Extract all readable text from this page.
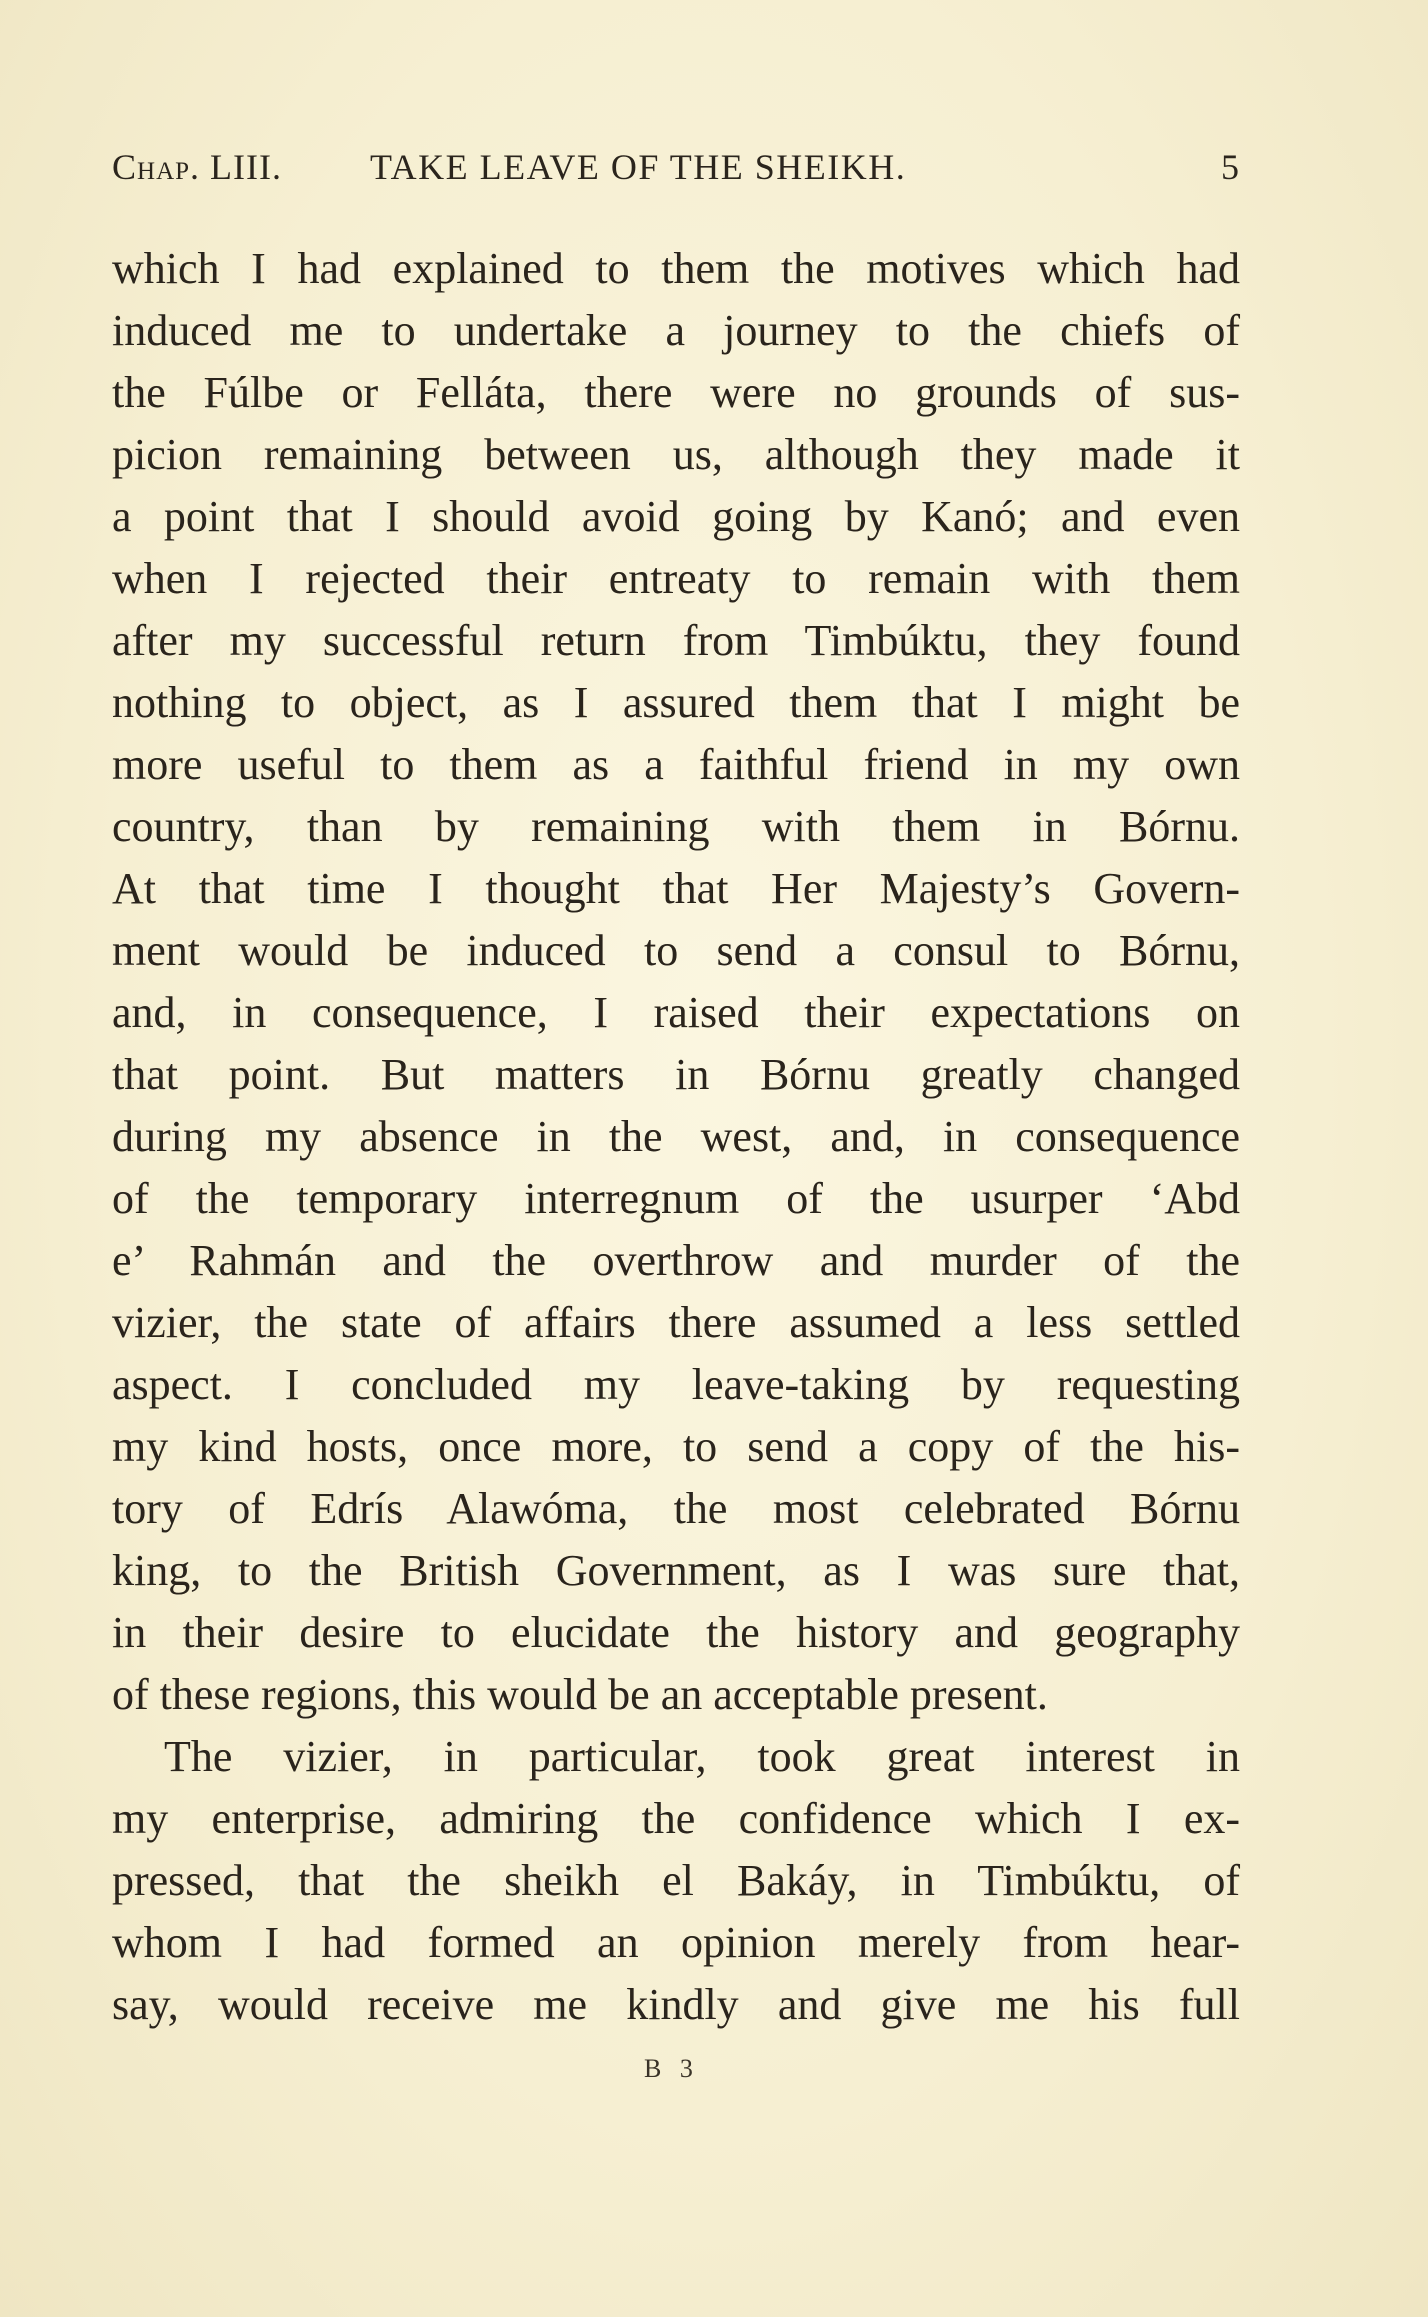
Chap. LIII. TAKE LEAVE OF THE SHEIKH.	5
which I had explained to them the motives which had
induced me to undertake a journey to the chiefs of
the Fúlbe or Felláta, there were no grounds of sus-
picion remaining between us, although they made it
a point that I should avoid going by Kanó; and even
when I rejected their entreaty to remain with them
after my successful return from Timbúktu, they found
nothing to object, as I assured them that I might be
more useful to them as a faithful friend in my own
country, than by remaining with them in Bórnu.
At that time I thought that Her Majesty’s Govern-
ment would be induced to send a consul to Bórnu,
and, in consequence, I raised their expectations on
that point. But matters in Bórnu greatly changed
during my absence in the west, and, in consequence
of the temporary interregnum of the usurper ‘Abd
e’ Rahmán and the overthrow and murder of the
vizier, the state of affairs there assumed a less settled
aspect. I concluded my leave-taking by requesting
my kind hosts, once more, to send a copy of the his-
tory of Edrís Alawóma, the most celebrated Bórnu
king, to the British Government, as I was sure that,
in their desire to elucidate the history and geography
of these regions, this would be an acceptable present.
The vizier, in particular, took great interest in
my enterprise, admiring the confidence which I ex-
pressed, that the sheikh el Bakáy, in Timbúktu, of
whom I had formed an opinion merely from hear-
say, would receive me kindly and give me his full
B 3
